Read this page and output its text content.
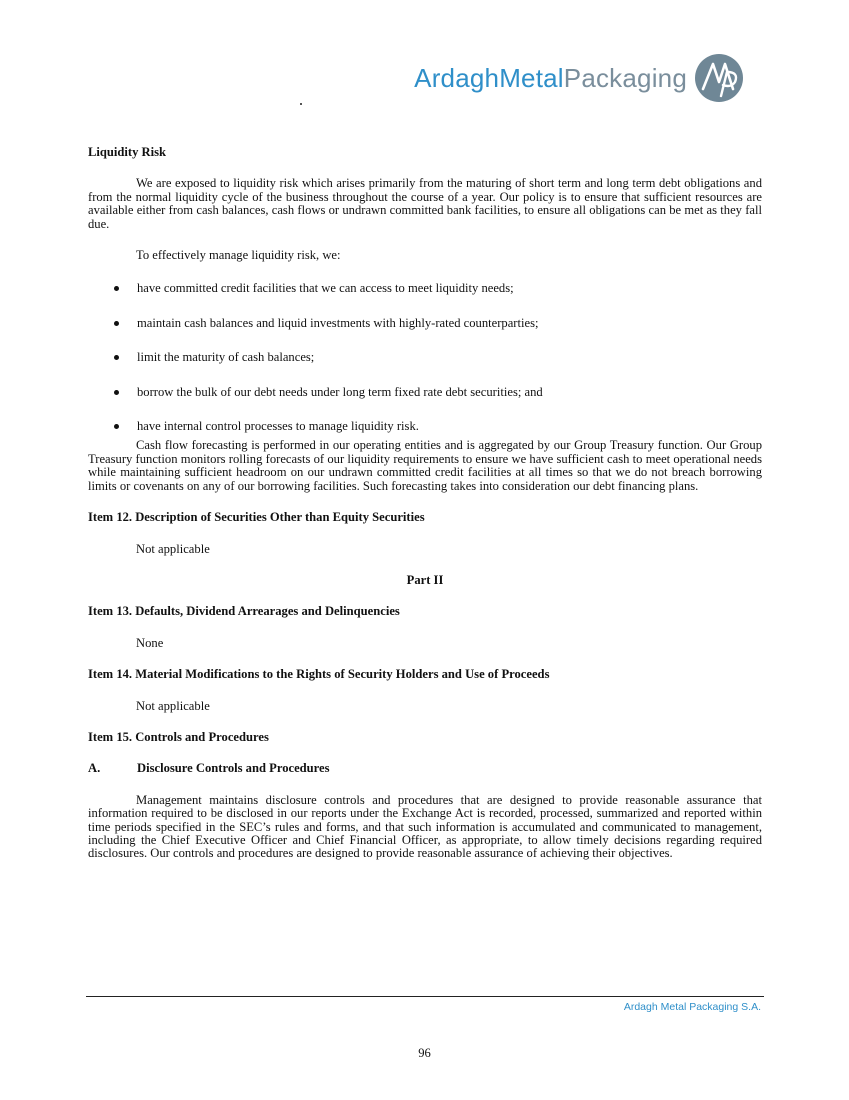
ArdaghMetalPackaging

Liquidity Risk

We are exposed to liquidity risk which arises primarily from the maturing of short term and long term debt obligations and from the normal liquidity cycle of the business throughout the course of a year. Our policy is to ensure that sufficient resources are available either from cash balances, cash flows or undrawn committed bank facilities, to ensure all obligations can be met as they fall due.

To effectively manage liquidity risk, we:

have committed credit facilities that we can access to meet liquidity needs;
maintain cash balances and liquid investments with highly-rated counterparties;
limit the maturity of cash balances;
borrow the bulk of our debt needs under long term fixed rate debt securities; and
have internal control processes to manage liquidity risk.

Cash flow forecasting is performed in our operating entities and is aggregated by our Group Treasury function. Our Group Treasury function monitors rolling forecasts of our liquidity requirements to ensure we have sufficient cash to meet operational needs while maintaining sufficient headroom on our undrawn committed credit facilities at all times so that we do not breach borrowing limits or covenants on any of our borrowing facilities. Such forecasting takes into consideration our debt financing plans.

Item 12. Description of Securities Other than Equity Securities

Not applicable

Part II

Item 13. Defaults, Dividend Arrearages and Delinquencies

None

Item 14. Material Modifications to the Rights of Security Holders and Use of Proceeds

Not applicable

Item 15. Controls and Procedures

A.	Disclosure Controls and Procedures

Management maintains disclosure controls and procedures that are designed to provide reasonable assurance that information required to be disclosed in our reports under the Exchange Act is recorded, processed, summarized and reported within time periods specified in the SEC’s rules and forms, and that such information is accumulated and communicated to management, including the Chief Executive Officer and Chief Financial Officer, as appropriate, to allow timely decisions regarding required disclosures. Our controls and procedures are designed to provide reasonable assurance of achieving their objectives.

Ardagh Metal Packaging S.A.
96
